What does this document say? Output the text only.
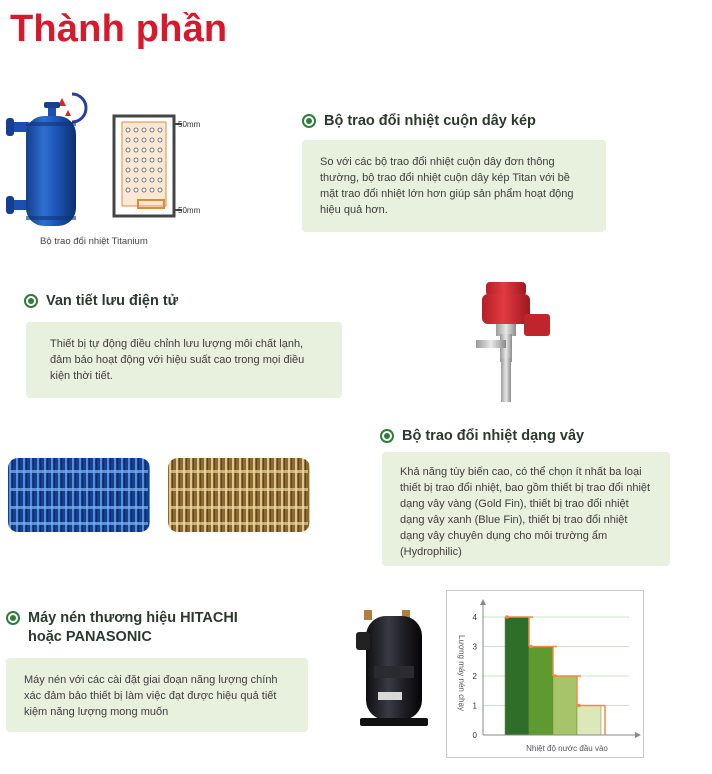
Thành phần
50mm
50mm
Bộ trao đổi nhiệt Titanium
Bộ trao đổi nhiệt cuộn dây kép
So với các bộ trao đổi nhiệt cuộn dây đơn thông thường, bộ trao đổi nhiệt cuộn dây kép Titan với bề mặt trao đổi nhiệt lớn hơn giúp sản phẩm hoạt động hiệu quả hơn.
Van tiết lưu điện tử
Thiết bị tự động điều chỉnh lưu lượng môi chất lạnh, đảm bảo hoạt động với hiệu suất cao trong mọi điều kiện thời tiết.
Bộ trao đổi nhiệt dạng vây
Khả năng tùy biến cao, có thể chọn ít nhất ba loại thiết bị trao đổi nhiệt, bao gồm thiết bị trao đổi nhiệt dạng vây vàng (Gold Fin), thiết bị trao đổi nhiệt dạng vây xanh (Blue Fin), thiết bị trao đổi nhiệt dạng vây chuyên dụng cho môi trường ẩm (Hydrophilic)
Máy nén thương hiệu HITACHI
hoặc PANASONIC
Máy nén với các cài đặt giai đoạn năng lượng chính xác đảm bảo thiết bị làm việc đạt được hiệu quả tiết kiệm năng lượng mong muốn
0
1
2
3
4
Lượng máy nén chạy
Nhiệt độ nước đầu vào
